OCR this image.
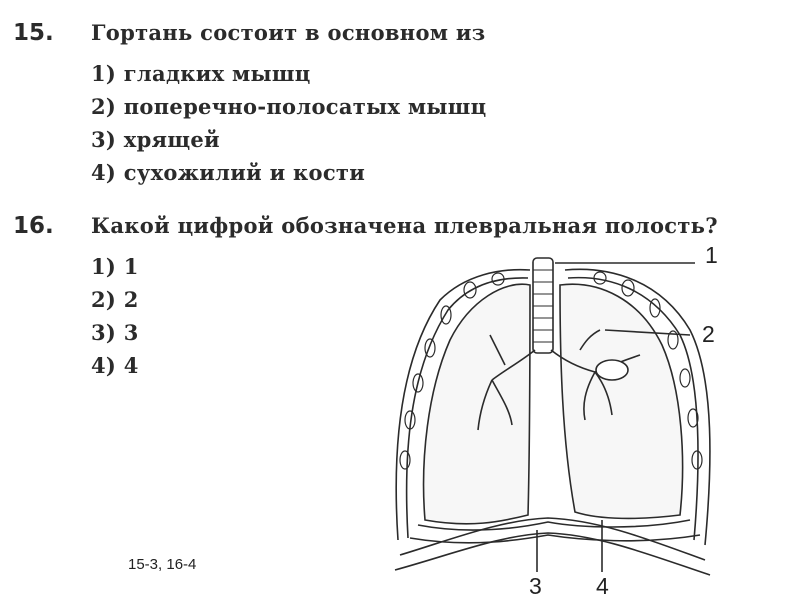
15. Гортань состоит в основном из
1) гладких мышц
2) поперечно-полосатых мышц
3) хрящей
4) сухожилий и кости
16. Какой цифрой обозначена плевральная полость?
1) 1
2) 2
3) 3
4) 4
15-3, 16-4
1
2
3 4
